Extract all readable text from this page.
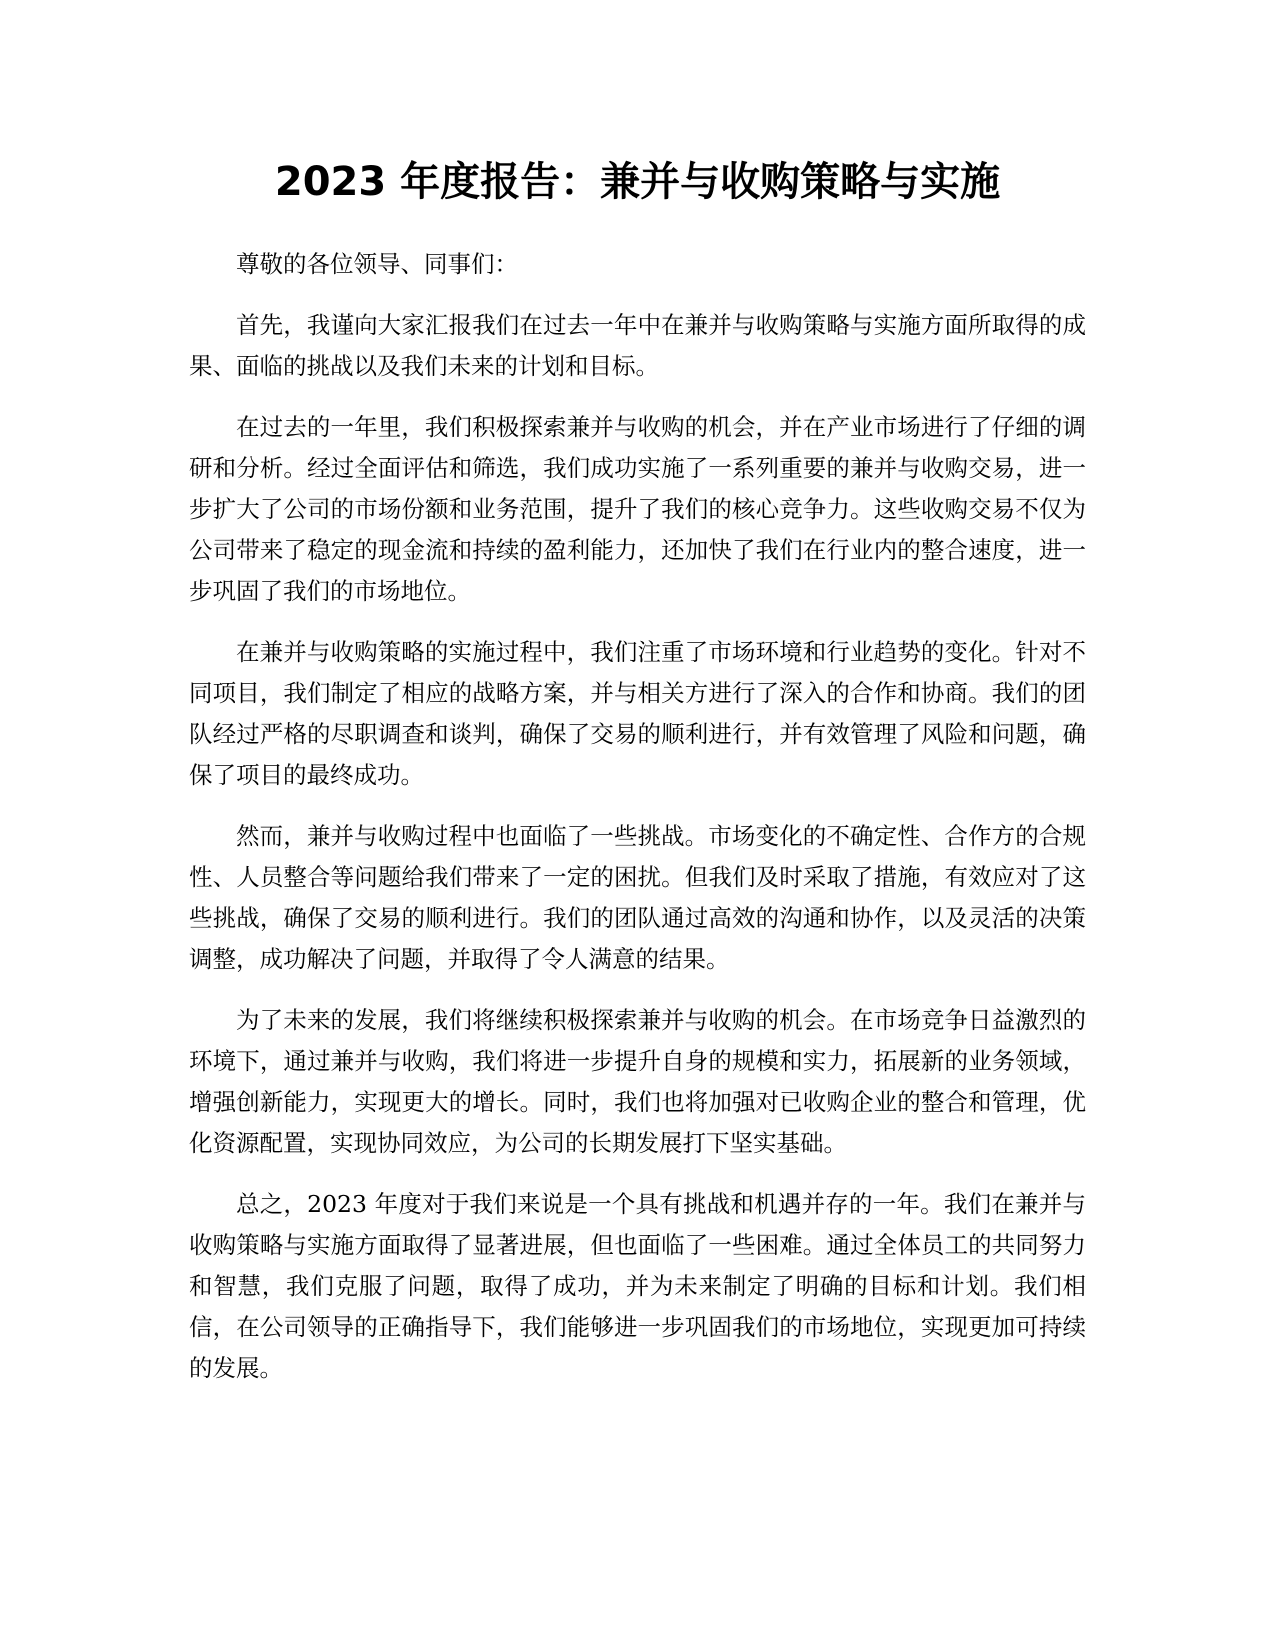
2023 年度报告：兼并与收购策略与实施

尊敬的各位领导、同事们：

首先，我谨向大家汇报我们在过去一年中在兼并与收购策略与实施方面所取得的成果、面临的挑战以及我们未来的计划和目标。

在过去的一年里，我们积极探索兼并与收购的机会，并在产业市场进行了仔细的调研和分析。经过全面评估和筛选，我们成功实施了一系列重要的兼并与收购交易，进一步扩大了公司的市场份额和业务范围，提升了我们的核心竞争力。这些收购交易不仅为公司带来了稳定的现金流和持续的盈利能力，还加快了我们在行业内的整合速度，进一步巩固了我们的市场地位。

在兼并与收购策略的实施过程中，我们注重了市场环境和行业趋势的变化。针对不同项目，我们制定了相应的战略方案，并与相关方进行了深入的合作和协商。我们的团队经过严格的尽职调查和谈判，确保了交易的顺利进行，并有效管理了风险和问题，确保了项目的最终成功。

然而，兼并与收购过程中也面临了一些挑战。市场变化的不确定性、合作方的合规性、人员整合等问题给我们带来了一定的困扰。但我们及时采取了措施，有效应对了这些挑战，确保了交易的顺利进行。我们的团队通过高效的沟通和协作，以及灵活的决策调整，成功解决了问题，并取得了令人满意的结果。

为了未来的发展，我们将继续积极探索兼并与收购的机会。在市场竞争日益激烈的环境下，通过兼并与收购，我们将进一步提升自身的规模和实力，拓展新的业务领域，增强创新能力，实现更大的增长。同时，我们也将加强对已收购企业的整合和管理，优化资源配置，实现协同效应，为公司的长期发展打下坚实基础。

总之，2023 年度对于我们来说是一个具有挑战和机遇并存的一年。我们在兼并与收购策略与实施方面取得了显著进展，但也面临了一些困难。通过全体员工的共同努力和智慧，我们克服了问题，取得了成功，并为未来制定了明确的目标和计划。我们相信，在公司领导的正确指导下，我们能够进一步巩固我们的市场地位，实现更加可持续的发展。
